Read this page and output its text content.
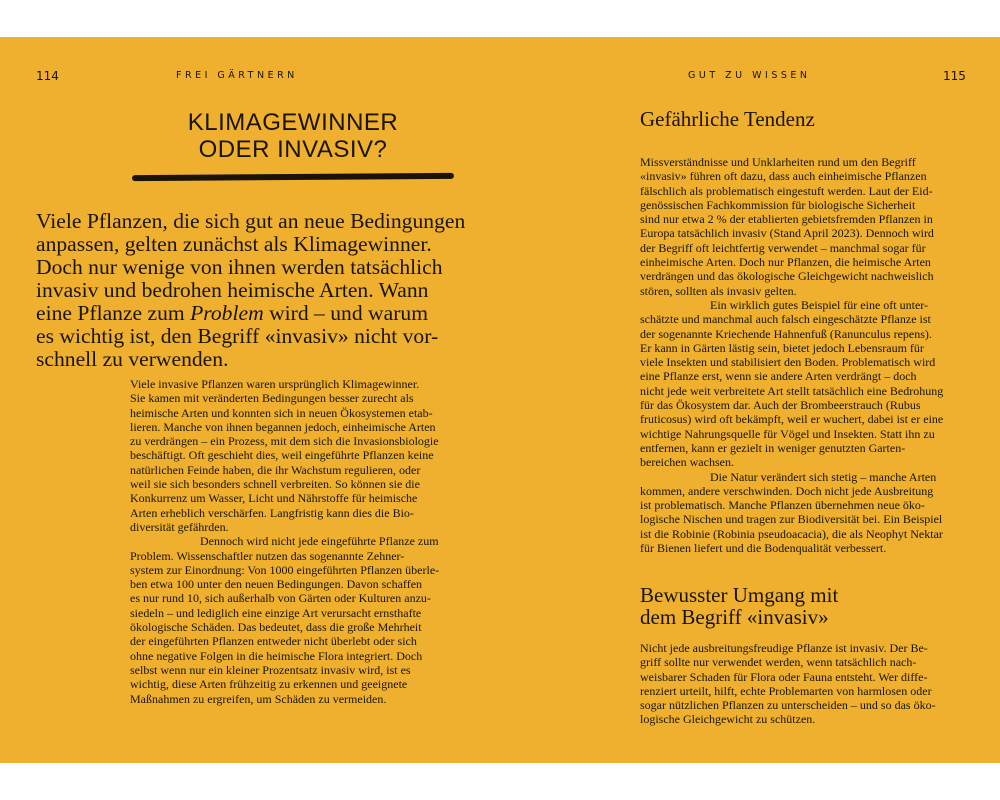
114	FREI GÄRTNERN
KLIMAGEWINNER
ODER INVASIV?
Viele Pflanzen, die sich gut an neue Bedingungen
anpassen, gelten zunächst als Klimagewinner.
Doch nur wenige von ihnen werden tatsächlich
invasiv und bedrohen heimische Arten. Wann
eine Pflanze zum Problem wird – und warum
es wichtig ist, den Begriff «invasiv» nicht vor-
schnell zu verwenden.
Viele invasive Pflanzen waren ursprünglich Klimagewinner.
Sie kamen mit veränderten Bedingungen besser zurecht als
heimische Arten und konnten sich in neuen Ökosystemen etab-
lieren. Manche von ihnen begannen jedoch, einheimische Arten
zu verdrängen – ein Prozess, mit dem sich die Invasionsbiologie
beschäftigt. Oft geschieht dies, weil eingeführte Pflanzen keine
natürlichen Feinde haben, die ihr Wachstum regulieren, oder
weil sie sich besonders schnell verbreiten. So können sie die
Konkurrenz um Wasser, Licht und Nährstoffe für heimische
Arten erheblich verschärfen. Langfristig kann dies die Bio-
diversität gefährden.
Dennoch wird nicht jede eingeführte Pflanze zum
Problem. Wissenschaftler nutzen das sogenannte Zehner-
system zur Einordnung: Von 1000 eingeführten Pflanzen überle-
ben etwa 100 unter den neuen Bedingungen. Davon schaffen
es nur rund 10, sich außerhalb von Gärten oder Kulturen anzu-
siedeln – und lediglich eine einzige Art verursacht ernsthafte
ökologische Schäden. Das bedeutet, dass die große Mehrheit
der eingeführten Pflanzen entweder nicht überlebt oder sich
ohne negative Folgen in die heimische Flora integriert. Doch
selbst wenn nur ein kleiner Prozentsatz invasiv wird, ist es
wichtig, diese Arten frühzeitig zu erkennen und geeignete
Maßnahmen zu ergreifen, um Schäden zu vermeiden.
GUT ZU WISSEN	115
Gefährliche Tendenz
Missverständnisse und Unklarheiten rund um den Begriff
«invasiv» führen oft dazu, dass auch einheimische Pflanzen
fälschlich als problematisch eingestuft werden. Laut der Eid-
genössischen Fachkommission für biologische Sicherheit
sind nur etwa 2 % der etablierten gebietsfremden Pflanzen in
Europa tatsächlich invasiv (Stand April 2023). Dennoch wird
der Begriff oft leichtfertig verwendet – manchmal sogar für
einheimische Arten. Doch nur Pflanzen, die heimische Arten
verdrängen und das ökologische Gleichgewicht nachweislich
stören, sollten als invasiv gelten.
Ein wirklich gutes Beispiel für eine oft unter-
schätzte und manchmal auch falsch eingeschätzte Pflanze ist
der sogenannte Kriechende Hahnenfuß (Ranunculus repens).
Er kann in Gärten lästig sein, bietet jedoch Lebensraum für
viele Insekten und stabilisiert den Boden. Problematisch wird
eine Pflanze erst, wenn sie andere Arten verdrängt – doch
nicht jede weit verbreitete Art stellt tatsächlich eine Bedrohung
für das Ökosystem dar. Auch der Brombeerstrauch (Rubus
fruticosus) wird oft bekämpft, weil er wuchert, dabei ist er eine
wichtige Nahrungsquelle für Vögel und Insekten. Statt ihn zu
entfernen, kann er gezielt in weniger genutzten Garten-
bereichen wachsen.
Die Natur verändert sich stetig – manche Arten
kommen, andere verschwinden. Doch nicht jede Ausbreitung
ist problematisch. Manche Pflanzen übernehmen neue öko-
logische Nischen und tragen zur Biodiversität bei. Ein Beispiel
ist die Robinie (Robinia pseudoacacia), die als Neophyt Nektar
für Bienen liefert und die Bodenqualität verbessert.
Bewusster Umgang mit
dem Begriff «invasiv»
Nicht jede ausbreitungsfreudige Pflanze ist invasiv. Der Be-
griff sollte nur verwendet werden, wenn tatsächlich nach-
weisbarer Schaden für Flora oder Fauna entsteht. Wer diffe-
renziert urteilt, hilft, echte Problemarten von harmlosen oder
sogar nützlichen Pflanzen zu unterscheiden – und so das öko-
logische Gleichgewicht zu schützen.
